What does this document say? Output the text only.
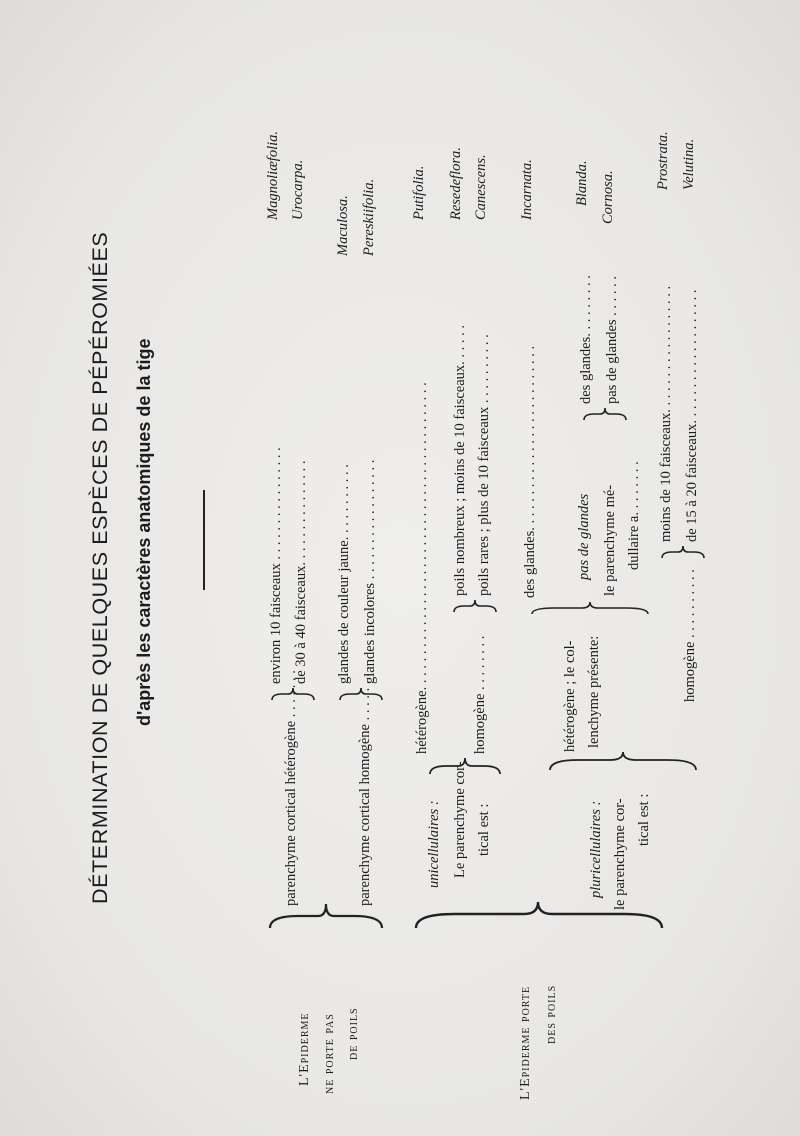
DÉTERMINATION DE QUELQUES ESPÈCES DE PÉPÉROMIÉES d'après les caractères anatomiques de la tige
L'Epiderme ne porte pas de poils
parenchyme cortical hétérogène . . . . . . .
environ 10 faisceaux . . . . . . . . . . . . . . . . de 30 à 40 faisceaux. . . . . . . . . . . . . . .
Magnoliæfolia. Urocarpa.
parenchyme cortical homogène . . . . . . . .
glandes de couleur jaune. . . . . . . . . . . glandes incolores . . . . . . . . . . . . . . . . .
Maculosa. Pereskiifolia.
L'Epiderme porte des poils
unicellulaires : Le parenchyme cor- tical est :
hétérogène. . . . . . . . . . . . . . . . . . . . . . . . . . . . . . . . . . . . . . . . . . .
Putifolia.
homogène . . . . . . . .
poils nombreux ; moins de 10 faisceaux. . . . . . poils rares ; plus de 10 faisceaux . . . . . . . . . .
Resedeflora. Canescens.
pluricellulaires : le parenchyme cor- tical est :
hétérogène ; le col- lenchyme présente:
des glandes. . . . . . . . . . . . . . . . . . . . . . . . . .
Incarnata.
pas de glandes le parenchyme mé- dullaire a. . . . . . . .
des glandes. . . . . . . . . pas de glandes . . . . . .
Blanda. Cornosa.
homogène . . . . . . . . . .
moins de 10 faisceaux. . . . . . . . . . . . . . . . . . de 15 à 20 faisceaux. . . . . . . . . . . . . . . . . . .
Prostrata. Velutina.
